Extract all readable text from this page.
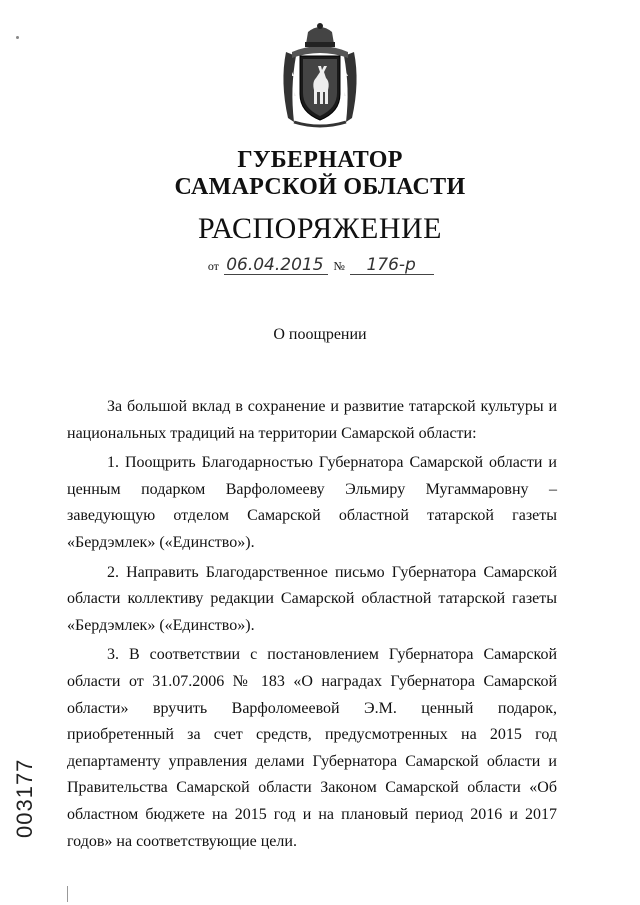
ГУБЕРНАТОР
САМАРСКОЙ ОБЛАСТИ
РАСПОРЯЖЕНИЕ
от 06.04.2015 № 176-р
О поощрении

За большой вклад в сохранение и развитие татарской культуры и национальных традиций на территории Самарской области:

1. Поощрить Благодарностью Губернатора Самарской области и ценным подарком Варфоломееву Эльмиру Мугаммаровну – заведующую отделом Самарской областной татарской газеты «Бердэмлек» («Единство»).

2. Направить Благодарственное письмо Губернатора Самарской области коллективу редакции Самарской областной татарской газеты «Бердэмлек» («Единство»).

3. В соответствии с постановлением Губернатора Самарской области от 31.07.2006 № 183 «О наградах Губернатора Самарской области» вручить Варфоломеевой Э.М. ценный подарок, приобретенный за счет средств, предусмотренных на 2015 год департаменту управления делами Губернатора Самарской области и Правительства Самарской области Законом Самарской области «Об областном бюджете на 2015 год и на плановый период 2016 и 2017 годов» на соответствующие цели.

003177
